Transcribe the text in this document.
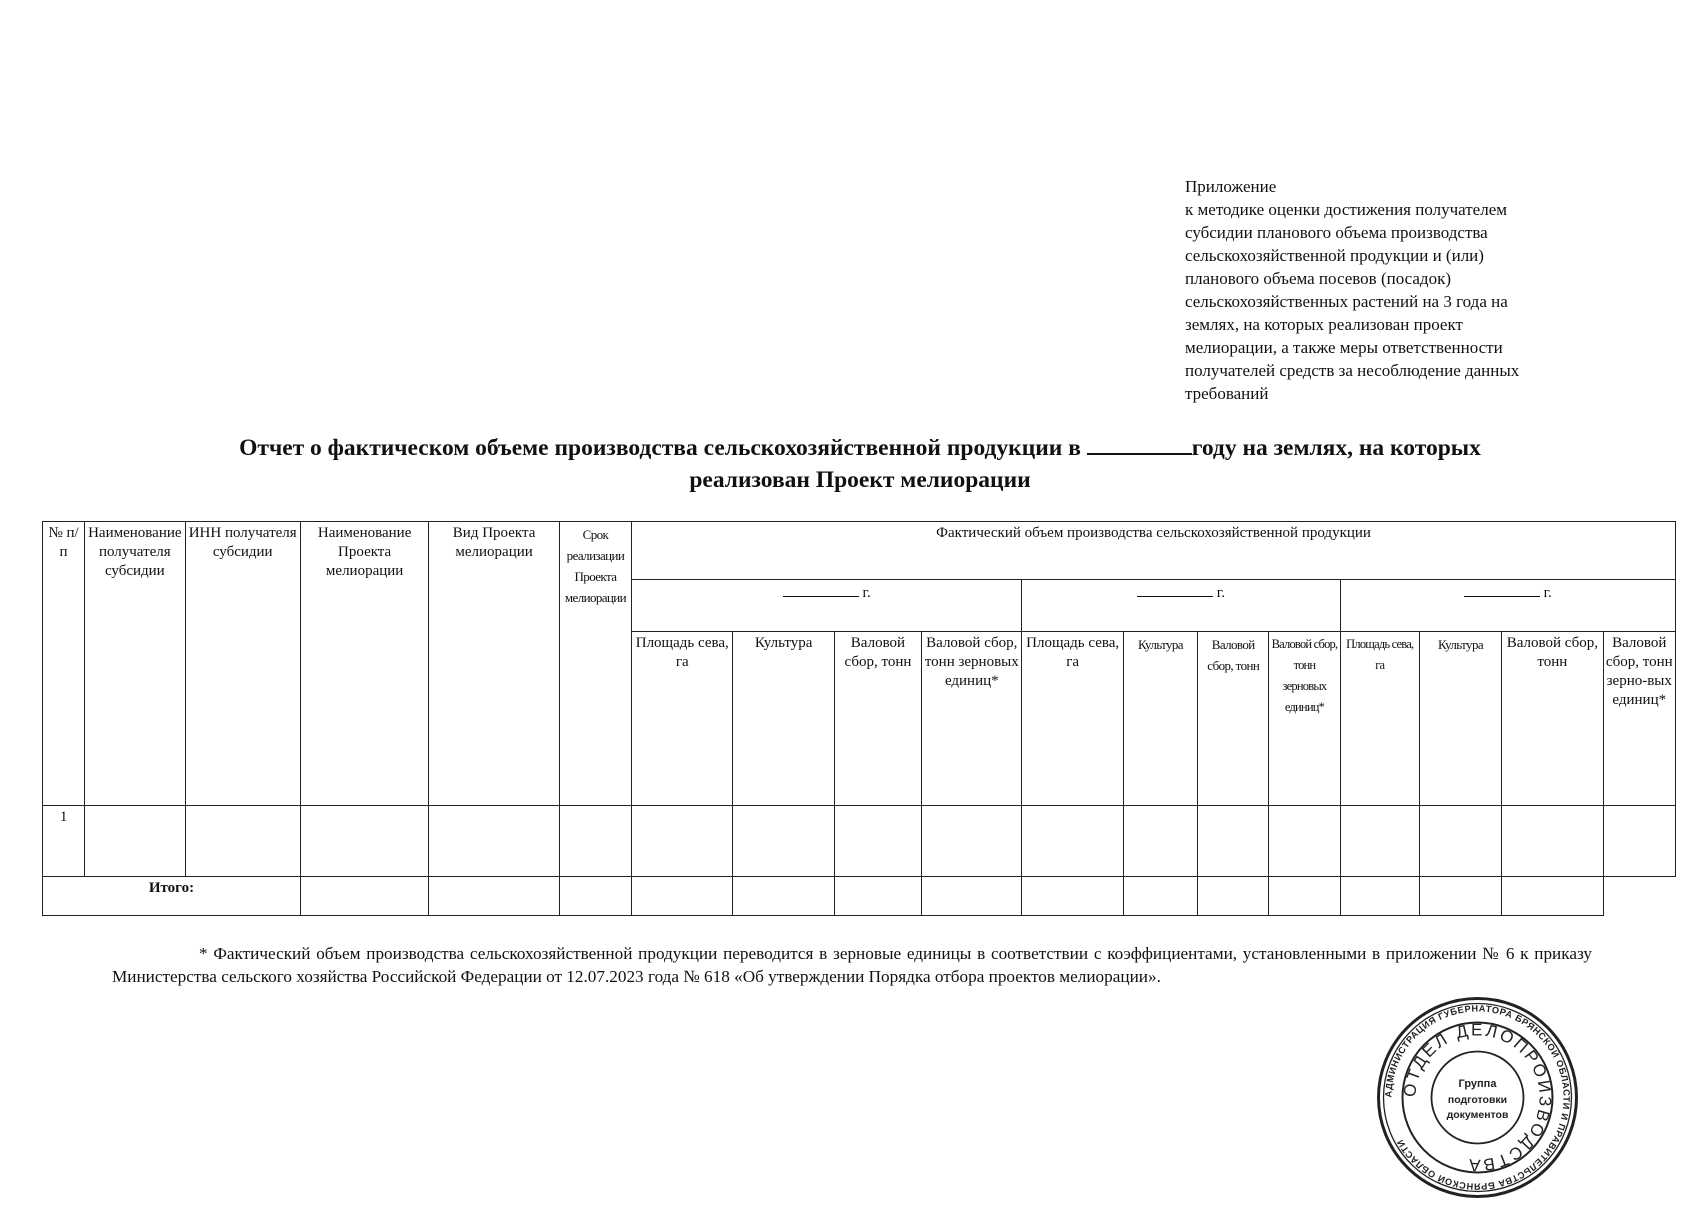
Приложение
к методике оценки достижения получателем
субсидии планового объема производства
сельскохозяйственной продукции и (или)
планового объема посевов (посадок)
сельскохозяйственных растений на 3 года на
землях, на которых реализован проект
мелиорации, а также меры ответственности
получателей средств за несоблюдение данных
требований
Отчет о фактическом объеме производства сельскохозяйственной продукции в	году на землях, на которых
реализован Проект мелиорации
№ п/п	Наименование получателя субсидии	ИНН получателя субсидии	Наименование Проекта мелиорации	Вид Проекта мелиорации	Срок реализации Проекта мелиорации	Фактический объем производства сельскохозяйственной продукции											
						г.				г.				г.			
						Площадь сева, га	Культура	Валовой сбор, тонн	Валовой сбор, тонн зерновых единиц*	Площадь сева, га	Культура	Валовой сбор, тонн	Валовой сбор, тонн зерновых единиц*	Площадь сева, га	Культура	Валовой сбор, тонн	Валовой сбор, тонн зерно-вых единиц*
1																	
Итого:																	
* Фактический объем производства сельскохозяйственной продукции переводится в зерновые единицы в соответствии с коэффициентами, установленными в приложении № 6 к приказу Министерства сельского хозяйства Российской Федерации от 12.07.2023 года № 618 «Об утверждении Порядка отбора проектов мелиорации».
АДМИНИСТРАЦИЯ ГУБЕРНАТОРА БРЯНСКОЙ ОБЛАСТИ И ПРАВИТЕЛЬСТВА БРЯНСКОЙ ОБЛАСТИ
ОТДЕЛ ДЕЛОПРОИЗВОДСТВА
Группа
подготовки
документов
